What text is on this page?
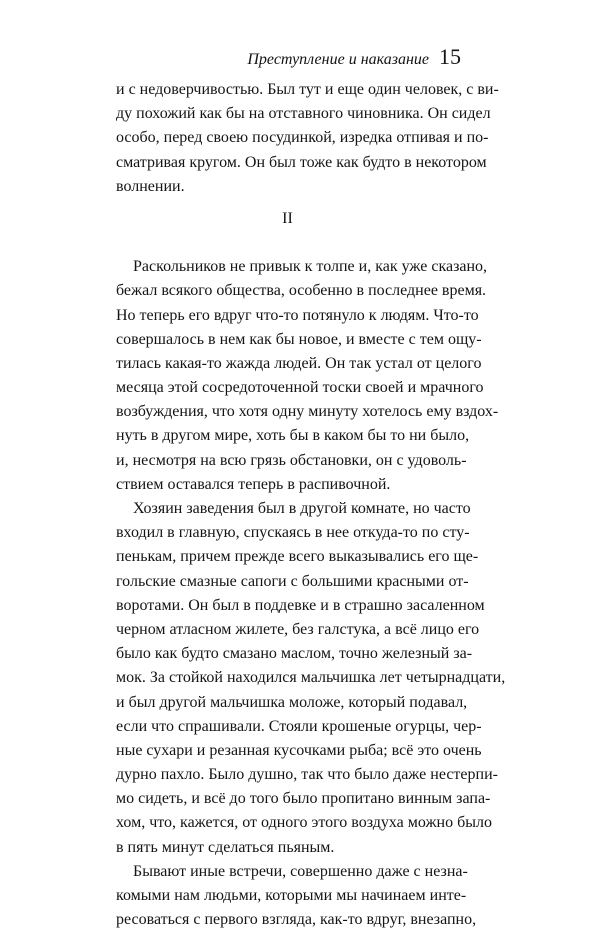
Преступление и наказание 15
и с недоверчивостью. Был тут и еще один человек, с ви-
ду похожий как бы на отставного чиновника. Он сидел
особо, перед своею посудинкой, изредка отпивая и по-
сматривая кругом. Он был тоже как будто в некотором
волнении.
II
Раскольников не привык к толпе и, как уже сказано,
бежал всякого общества, особенно в последнее время.
Но теперь его вдруг что-то потянуло к людям. Что-то
совершалось в нем как бы новое, и вместе с тем ощу-
тилась какая-то жажда людей. Он так устал от целого
месяца этой сосредоточенной тоски своей и мрачного
возбуждения, что хотя одну минуту хотелось ему вздох-
нуть в другом мире, хоть бы в каком бы то ни было,
и, несмотря на всю грязь обстановки, он с удоволь-
ствием оставался теперь в распивочной.
Хозяин заведения был в другой комнате, но часто
входил в главную, спускаясь в нее откуда-то по сту-
пенькам, причем прежде всего выказывались его ще-
гольские смазные сапоги с большими красными от-
воротами. Он был в поддевке и в страшно засаленном
черном атласном жилете, без галстука, а всё лицо его
было как будто смазано маслом, точно железный за-
мок. За стойкой находился мальчишка лет четырнадцати,
и был другой мальчишка моложе, который подавал,
если что спрашивали. Стояли крошеные огурцы, чер-
ные сухари и резанная кусочками рыба; всё это очень
дурно пахло. Было душно, так что было даже нестерпи-
мо сидеть, и всё до того было пропитано винным запа-
хом, что, кажется, от одного этого воздуха можно было
в пять минут сделаться пьяным.
Бывают иные встречи, совершенно даже с незна-
комыми нам людьми, которыми мы начинаем инте-
ресоваться с первого взгляда, как-то вдруг, внезапно,
